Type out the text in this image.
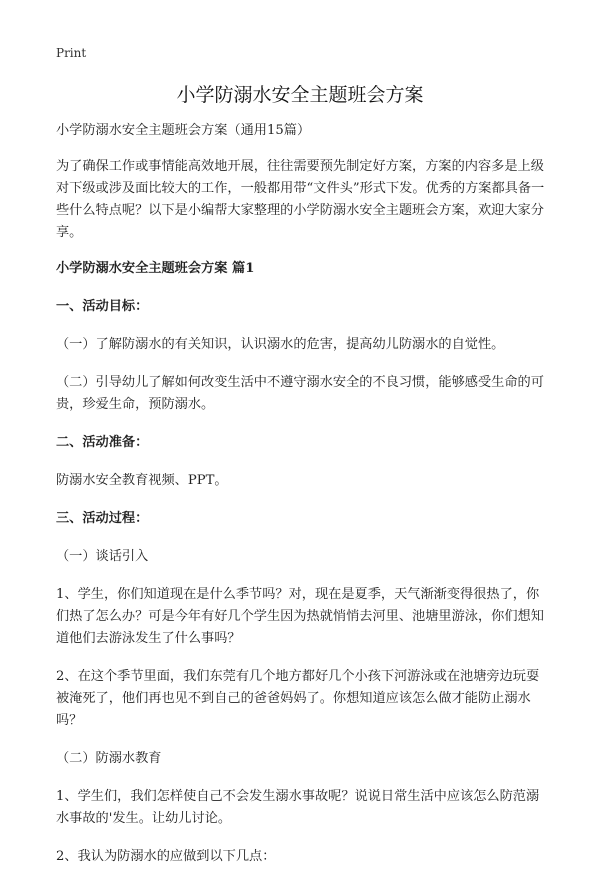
Print
小学防溺水安全主题班会方案

小学防溺水安全主题班会方案（通用15篇）

为了确保工作或事情能高效地开展，往往需要预先制定好方案，方案的内容多是上级对下级或涉及面比较大的工作，一般都用带“文件头”形式下发。优秀的方案都具备一些什么特点呢？以下是小编帮大家整理的小学防溺水安全主题班会方案，欢迎大家分享。

小学防溺水安全主题班会方案 篇1

一、活动目标：

（一）了解防溺水的有关知识，认识溺水的危害，提高幼儿防溺水的自觉性。

（二）引导幼儿了解如何改变生活中不遵守溺水安全的不良习惯，能够感受生命的可贵，珍爱生命，预防溺水。

二、活动准备：

防溺水安全教育视频、PPT。

三、活动过程：

（一）谈话引入

1、学生，你们知道现在是什么季节吗？对，现在是夏季，天气渐渐变得很热了，你们热了怎么办？可是今年有好几个学生因为热就悄悄去河里、池塘里游泳，你们想知道他们去游泳发生了什么事吗？

2、在这个季节里面，我们东莞有几个地方都好几个小孩下河游泳或在池塘旁边玩耍被淹死了，他们再也见不到自己的爸爸妈妈了。你想知道应该怎么做才能防止溺水吗？

（二）防溺水教育

1、学生们，我们怎样使自己不会发生溺水事故呢？说说日常生活中应该怎么防范溺水事故的'发生。让幼儿讨论。

2、我认为防溺水的应做到以下几点：
